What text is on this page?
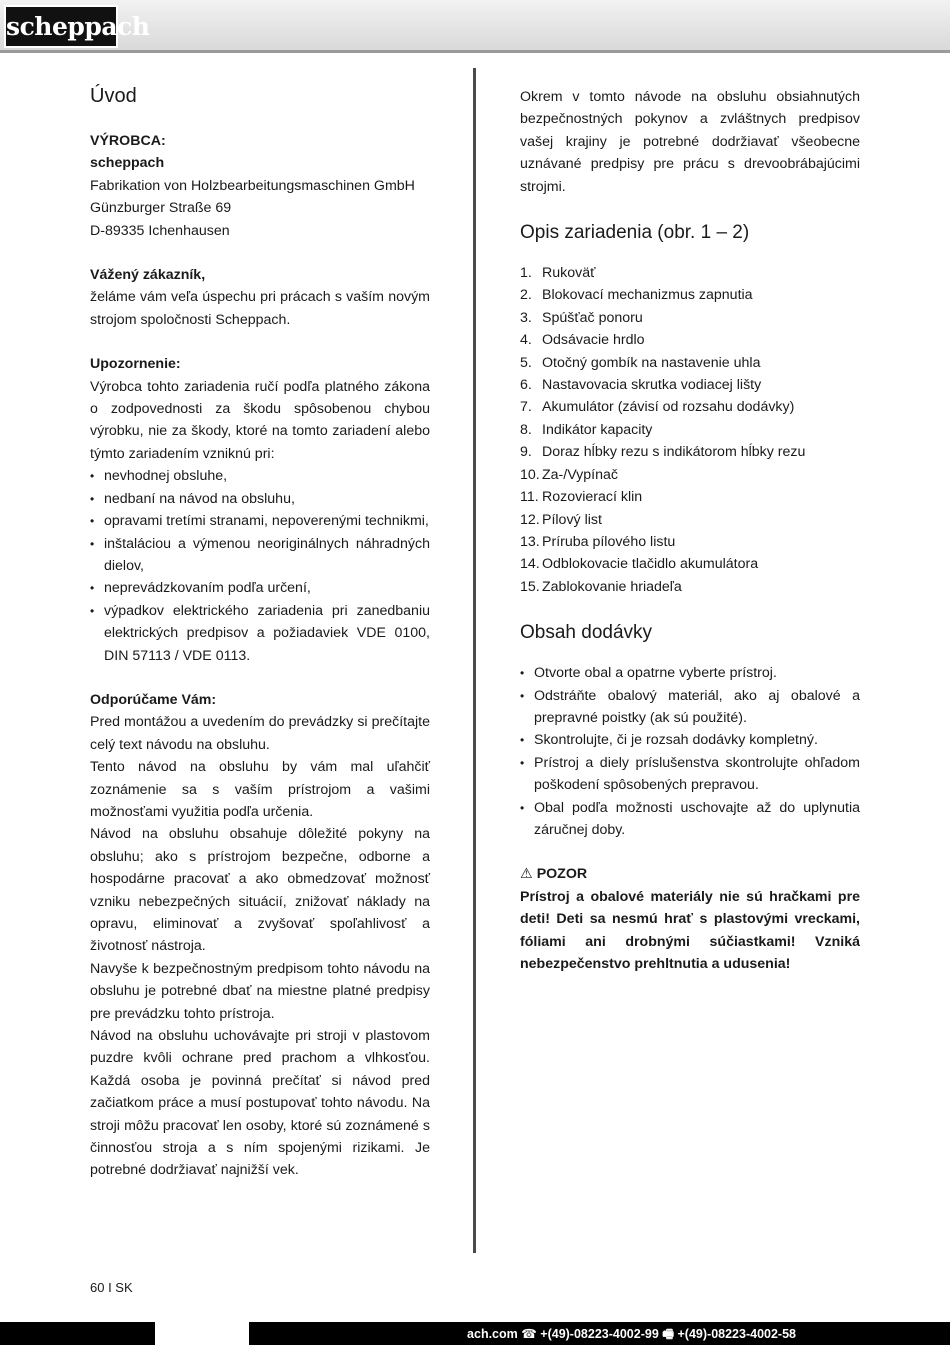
scheppach
Úvod

VÝROBCA:

scheppach

Fabrikation von Holzbearbeitungsmaschinen GmbH

Günzburger Straße 69

D-89335 Ichenhausen

Vážený zákazník,

želáme vám veľa úspechu pri prácach s vaším novým strojom spoločnosti Scheppach.

Upozornenie:

Výrobca tohto zariadenia ručí podľa platného zákona o zodpovednosti za škodu spôsobenou chybou výrobku, nie za škody, ktoré na tomto zariadení alebo týmto zariadením vzniknú pri:

• nevhodnej obsluhe,
• nedbaní na návod na obsluhu,
• opravami tretími stranami, nepoverenými technikmi,
• inštaláciou a výmenou neoriginálnych náhradných dielov,
• neprevádzkovaním podľa určení,
• výpadkov elektrického zariadenia pri zanedbaniu elektrických predpisov a požiadaviek VDE 0100, DIN 57113 / VDE 0113.

Odporúčame Vám:

Pred montážou a uvedením do prevádzky si prečítajte celý text návodu na obsluhu.

Tento návod na obsluhu by vám mal uľahčiť zoznámenie sa s vaším prístrojom a vašimi možnosťami využitia podľa určenia.

Návod na obsluhu obsahuje dôležité pokyny na obsluhu; ako s prístrojom bezpečne, odborne a hospodárne pracovať a ako obmedzovať možnosť vzniku nebezpečných situácií, znižovať náklady na opravu, eliminovať a zvyšovať spoľahlivosť a životnosť nástroja.

Navyše k bezpečnostným predpisom tohto návodu na obsluhu je potrebné dbať na miestne platné predpisy pre prevádzku tohto prístroja.

Návod na obsluhu uchovávajte pri stroji v plastovom puzdre kvôli ochrane pred prachom a vlhkosťou. Každá osoba je povinná prečítať si návod pred začiatkom práce a musí postupovať tohto návodu. Na stroji môžu pracovať len osoby, ktoré sú zoznámené s činnosťou stroja a s ním spojenými rizikami. Je potrebné dodržiavať najnižší vek.

Okrem v tomto návode na obsluhu obsiahnutých bezpečnostných pokynov a zvláštnych predpisov vašej krajiny je potrebné dodržiavať všeobecne uznávané predpisy pre prácu s drevoobrábajúcimi strojmi.

Opis zariadenia (obr. 1 – 2)
1. Rukoväť
2. Blokovací mechanizmus zapnutia
3. Spúšťač ponoru
4. Odsávacie hrdlo
5. Otočný gombík na nastavenie uhla
6. Nastavovacia skrutka vodiacej lišty
7. Akumulátor (závisí od rozsahu dodávky)
8. Indikátor kapacity
9. Doraz hĺbky rezu s indikátorom hĺbky rezu
10. Za-/Vypínač
11. Rozovierací klin
12. Pílový list
13. Príruba pílového listu
14. Odblokovacie tlačidlo akumulátora
15. Zablokovanie hriadeľa
Obsah dodávky
• Otvorte obal a opatrne vyberte prístroj.
• Odstráňte obalový materiál, ako aj obalové a prepravné poistky (ak sú použité).
• Skontrolujte, či je rozsah dodávky kompletný.
• Prístroj a diely príslušenstva skontrolujte ohľadom poškodení spôsobených prepravou.
• Obal podľa možnosti uschovajte až do uplynutia záručnej doby.

⚠ POZOR

Prístroj a obalové materiály nie sú hračkami pre deti! Deti sa nesmú hrať s plastovými vreckami, fóliami ani drobnými súčiastkami! Vzniká nebezpečenstvo prehltnutia a udusenia!

60 I SK
ach.com ☎ +(49)-08223-4002-99 🖷 +(49)-08223-4002-58
